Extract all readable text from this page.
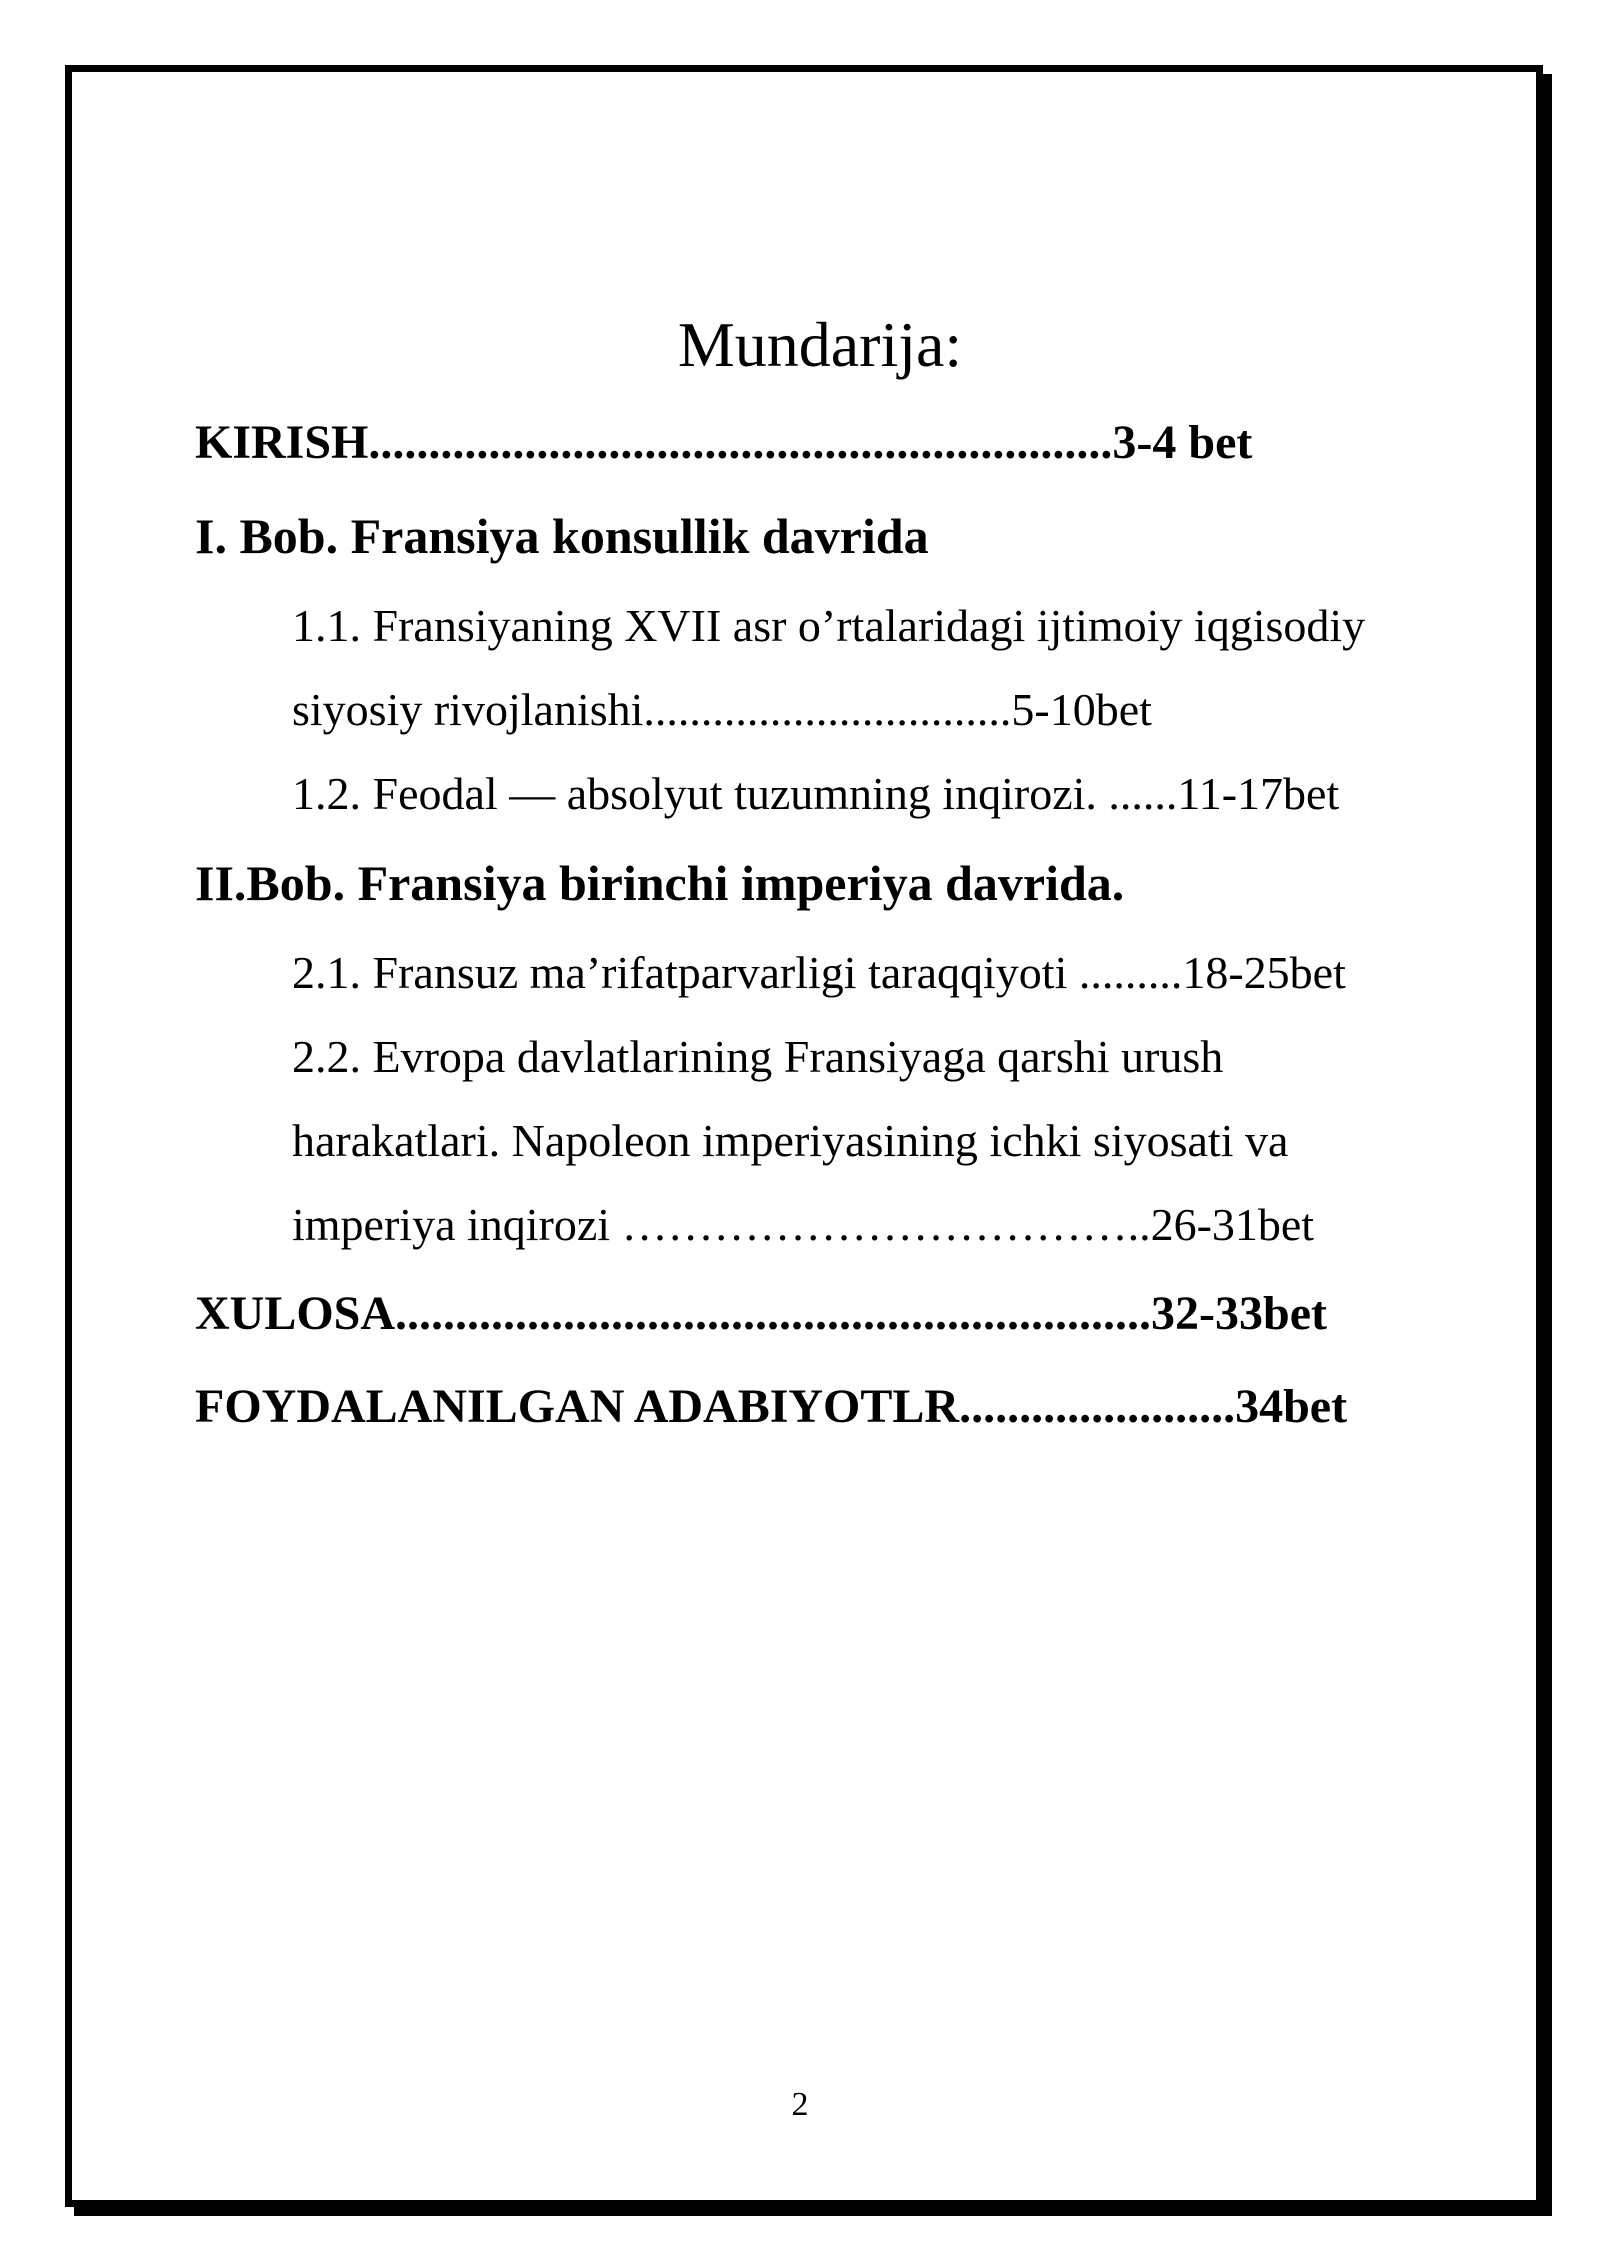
Mundarija:
KIRISH..............................................................3-4 bet
I. Bob. Fransiya konsullik davrida
1.1. Fransiyaning XVII asr o’rtalaridagi ijtimoiy iqgisodiy siyosiy rivojlanishi................................5-10bet
1.2. Feodal — absolyut tuzumning inqirozi. ......11-17bet
II.Bob. Fransiya birinchi imperiya davrida.
2.1. Fransuz ma’rifatparvarligi taraqqiyoti .........18-25bet
2.2. Evropa davlatlarining Fransiyaga qarshi urush harakatlari. Napoleon imperiyasining ichki siyosati va imperiya inqirozi ……………………………..26-31bet
XULOSA...............................................................32-33bet
FOYDALANILGAN ADABIYOTLR.......................34bet
2
